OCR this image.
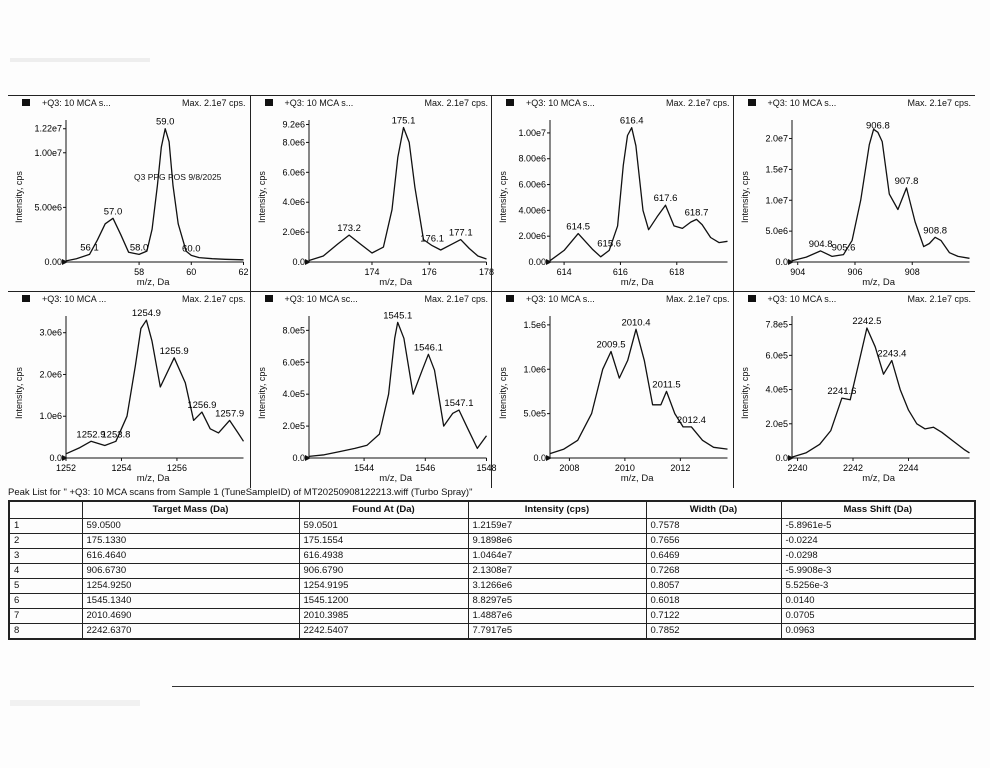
+Q3: 10 MCA s...	Max. 2.1e7 cps.
0.00
5.00e6
1.00e7
1.22e7
58	60	62
59.0
57.0
56.1	58.0	60.0
m/z, Da
Intensity, cps	Q3 PPG POS 9/8/2025
+Q3: 10 MCA s...	Max. 2.1e7 cps.
0.0
2.0e6
4.0e6
6.0e6
8.0e6
9.2e6
174	176	178
175.1
173.2
176.1
177.1
m/z, Da
Intensity, cps
+Q3: 10 MCA s...	Max. 2.1e7 cps.
0.00
2.00e6
4.00e6
6.00e6
8.00e6
1.00e7
614	616	618
616.4
614.5
615.6
617.6
618.7
m/z, Da
Intensity, cps
+Q3: 10 MCA s...	Max. 2.1e7 cps.
0.0
5.0e6
1.0e7
1.5e7
2.0e7
904	906	908
906.8
904.8 905.6
907.8
908.8
m/z, Da
Intensity, cps
+Q3: 10 MCA ...	Max. 2.1e7 cps.
0.0
1.0e6
2.0e6
3.0e6
1252	1254	1256
1254.9
1252.9
1253.8
1255.9
1256.9
1257.9
m/z, Da
Intensity, cps
+Q3: 10 MCA sc...	Max. 2.1e7 cps.
0.0
2.0e5
4.0e5
6.0e5
8.0e5
1544	1546	1548
1545.1
1546.1
1547.1
m/z, Da
Intensity, cps
+Q3: 10 MCA s...	Max. 2.1e7 cps.
0.0
5.0e5
1.0e6
1.5e6
2008	2010	2012
2010.4
2009.5
2011.5
2012.4
m/z, Da
Intensity, cps
+Q3: 10 MCA s...	Max. 2.1e7 cps.
0.0
2.0e5
4.0e5
6.0e5
7.8e5
2240	2242	2244
2242.5
2241.6
2243.4
m/z, Da
Intensity, cps
Peak List for " +Q3: 10 MCA scans from Sample 1 (TuneSampleID) of MT20250908122213.wiff (Turbo Spray)"
	Target Mass (Da)	Found At (Da)	Intensity (cps)	Width (Da)	Mass Shift (Da)
1	59.0500	59.0501	1.2159e7	0.7578	-5.8961e-5
2	175.1330	175.1554	9.1898e6	0.7656	-0.0224
3	616.4640	616.4938	1.0464e7	0.6469	-0.0298
4	906.6730	906.6790	2.1308e7	0.7268	-5.9908e-3
5	1254.9250	1254.9195	3.1266e6	0.8057	5.5256e-3
6	1545.1340	1545.1200	8.8297e5	0.6018	0.0140
7	2010.4690	2010.3985	1.4887e6	0.7122	0.0705
8	2242.6370	2242.5407	7.7917e5	0.7852	0.0963
